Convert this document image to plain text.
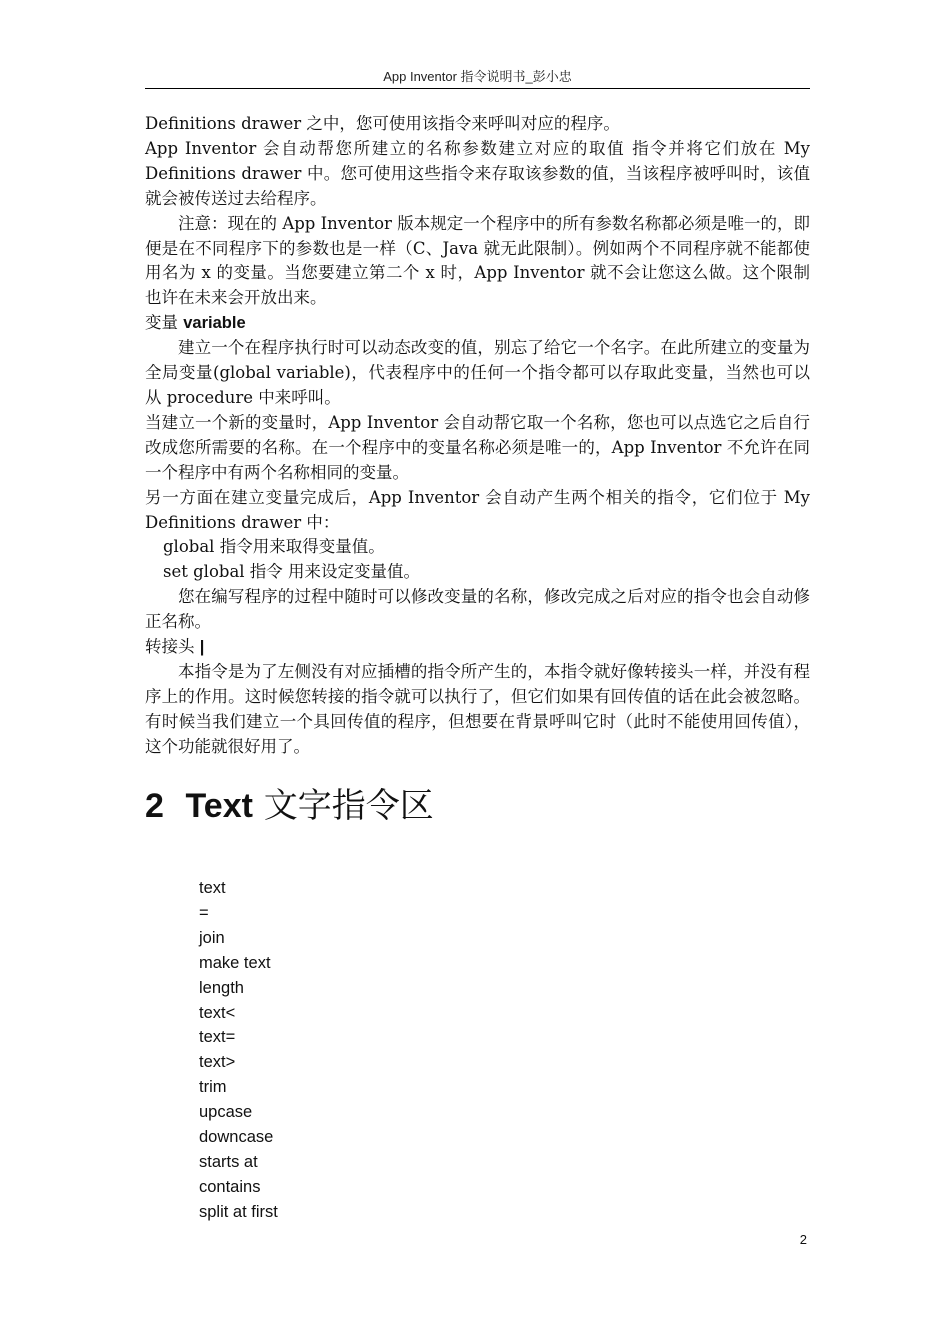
App Inventor 指令说明书_彭小忠

Definitions drawer 之中，您可使用该指令来呼叫对应的程序。

App Inventor 会自动帮您所建立的名称参数建立对应的取值 指令并将它们放在 My Definitions drawer 中。您可使用这些指令来存取该参数的值，当该程序被呼叫时，该值就会被传送过去给程序。

注意：现在的 App Inventor 版本规定一个程序中的所有参数名称都必须是唯一的，即便是在不同程序下的参数也是一样（C、Java 就无此限制）。例如两个不同程序就不能都使用名为 x 的变量。当您要建立第二个 x 时，App Inventor 就不会让您这么做。这个限制也许在未来会开放出来。

变量 variable

建立一个在程序执行时可以动态改变的值，别忘了给它一个名字。在此所建立的变量为全局变量(global variable)，代表程序中的任何一个指令都可以存取此变量，当然也可以从 procedure 中来呼叫。

当建立一个新的变量时，App Inventor 会自动帮它取一个名称，您也可以点选它之后自行改成您所需要的名称。在一个程序中的变量名称必须是唯一的，App Inventor 不允许在同一个程序中有两个名称相同的变量。

另一方面在建立变量完成后，App Inventor 会自动产生两个相关的指令，它们位于 My Definitions drawer 中：

global 指令用来取得变量值。

set global 指令 用来设定变量值。

您在编写程序的过程中随时可以修改变量的名称，修改完成之后对应的指令也会自动修正名称。

转接头 |

本指令是为了左侧没有对应插槽的指令所产生的，本指令就好像转接头一样，并没有程序上的作用。这时候您转接的指令就可以执行了，但它们如果有回传值的话在此会被忽略。有时候当我们建立一个具回传值的程序，但想要在背景呼叫它时（此时不能使用回传值），这个功能就很好用了。

2 Text 文字指令区
text
=
join
make text
length
text<
text=
text>
trim
upcase
downcase
starts at
contains
split at first
2
